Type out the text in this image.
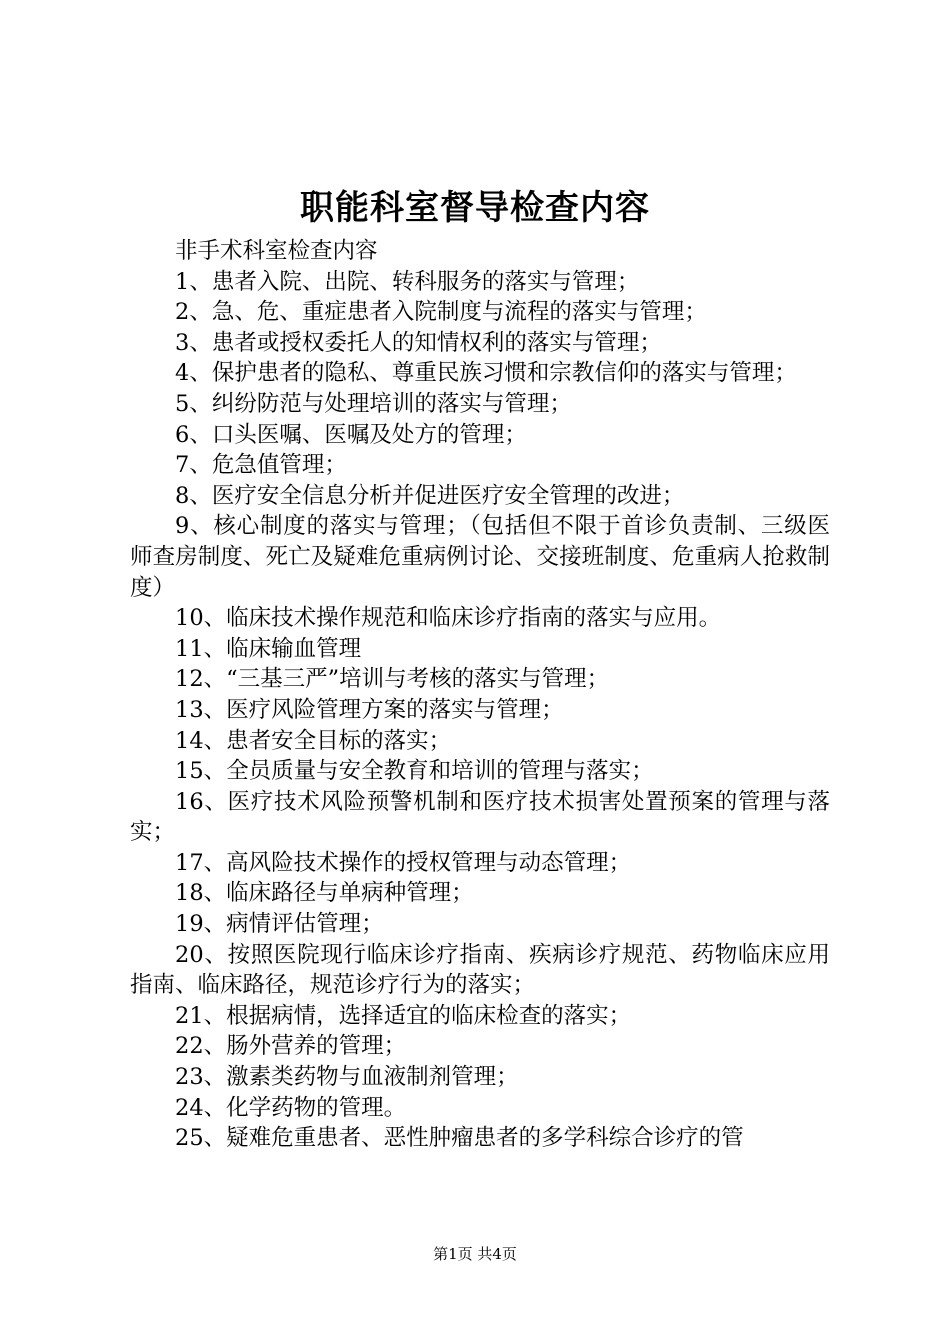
职能科室督导检查内容

非手术科室检查内容

1、患者入院、出院、转科服务的落实与管理；

2、急、危、重症患者入院制度与流程的落实与管理；

3、患者或授权委托人的知情权利的落实与管理；

4、保护患者的隐私、尊重民族习惯和宗教信仰的落实与管理；

5、纠纷防范与处理培训的落实与管理；

6、口头医嘱、医嘱及处方的管理；

7、危急值管理；

8、医疗安全信息分析并促进医疗安全管理的改进；

9、核心制度的落实与管理；（包括但不限于首诊负责制、三级医师查房制度、死亡及疑难危重病例讨论、交接班制度、危重病人抢救制度）

10、临床技术操作规范和临床诊疗指南的落实与应用。

11、临床输血管理

12、“三基三严”培训与考核的落实与管理；

13、医疗风险管理方案的落实与管理；

14、患者安全目标的落实；

15、全员质量与安全教育和培训的管理与落实；

16、医疗技术风险预警机制和医疗技术损害处置预案的管理与落实；

17、高风险技术操作的授权管理与动态管理；

18、临床路径与单病种管理；

19、病情评估管理；

20、按照医院现行临床诊疗指南、疾病诊疗规范、药物临床应用指南、临床路径，规范诊疗行为的落实；

21、根据病情，选择适宜的临床检查的落实；

22、肠外营养的管理；

23、激素类药物与血液制剂管理；

24、化学药物的管理。

25、疑难危重患者、恶性肿瘤患者的多学科综合诊疗的管

第1页 共4页
